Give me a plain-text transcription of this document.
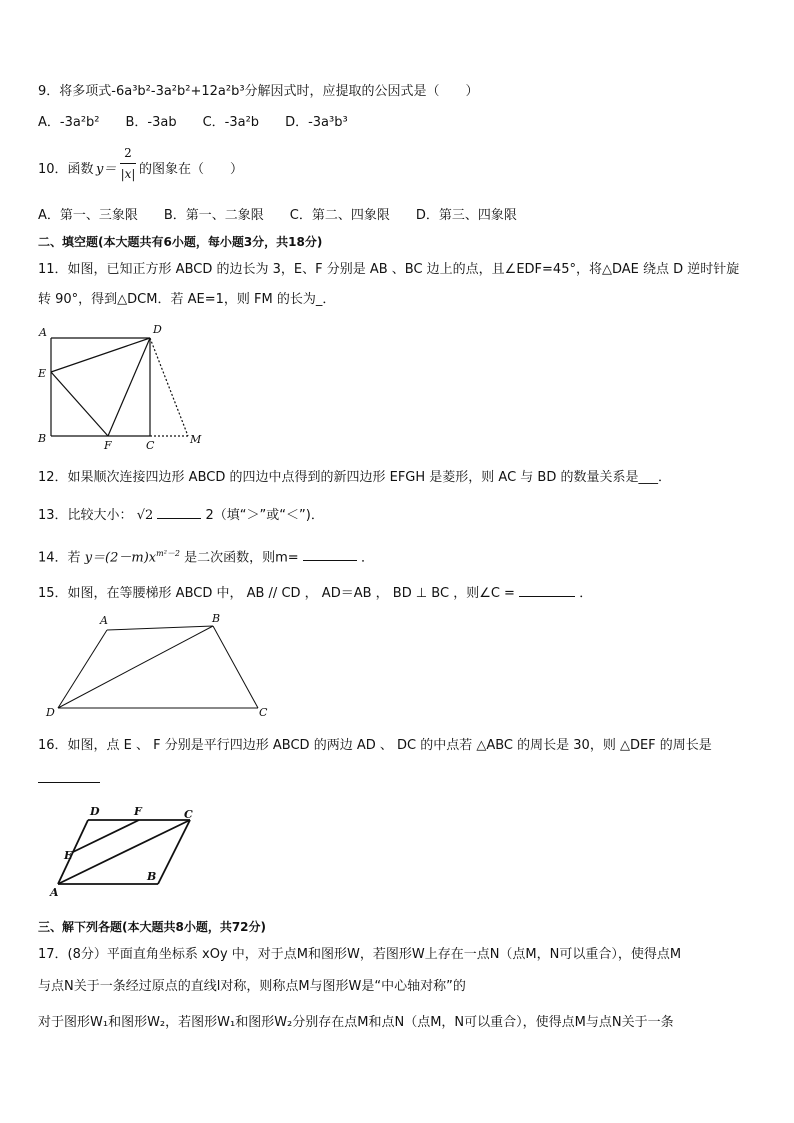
9．将多项式-6a³b²-3a²b²+12a²b³分解因式时，应提取的公因式是（　　）
A．-3a²b²　　B．-3ab　　C．-3a²b　　D．-3a³b³
10．函数 y＝
2
|x| 的图象在（　　）
A．第一、三象限　　B．第一、二象限　　C．第二、四象限　　D．第三、四象限
二、填空题(本大题共有6小题，每小题3分，共18分)
11．如图，已知正方形 ABCD 的边长为 3，E、F 分别是 AB 、BC 边上的点，且∠EDF=45°，将△DAE 绕点 D 逆时针旋
转 90°，得到△DCM．若 AE=1，则 FM 的长为_．
A	D
E
B
F	C	M
12．如果顺次连接四边形 ABCD 的四边中点得到的新四边形 EFGH 是菱形，则 AC 与 BD 的数量关系是___．
13．比较大小： √2	2（填“＞”或“＜”)．
14．若 $y=(2-m)x^{m^2-2}$ 是二次函数，则m=	．
15．如图，在等腰梯形 ABCD 中， AB // CD ， AD＝AB ， BD ⊥ BC ，则∠C =	．
A	B
D	C
16．如图，点 E 、 F 分别是平行四边形 ABCD 的两边 AD 、 DC 的中点若 △ABC 的周长是 30，则 △DEF 的周长是
D	F	C
E
A
B
三、解下列各题(本大题共8小题，共72分)
17．(8分）平面直角坐标系 xOy 中，对于点M和图形W，若图形W上存在一点N（点M，N可以重合），使得点M
与点N关于一条经过原点的直线l对称，则称点M与图形W是“中心轴对称”的
对于图形W₁和图形W₂，若图形W₁和图形W₂分别存在点M和点N（点M，N可以重合），使得点M与点N关于一条
